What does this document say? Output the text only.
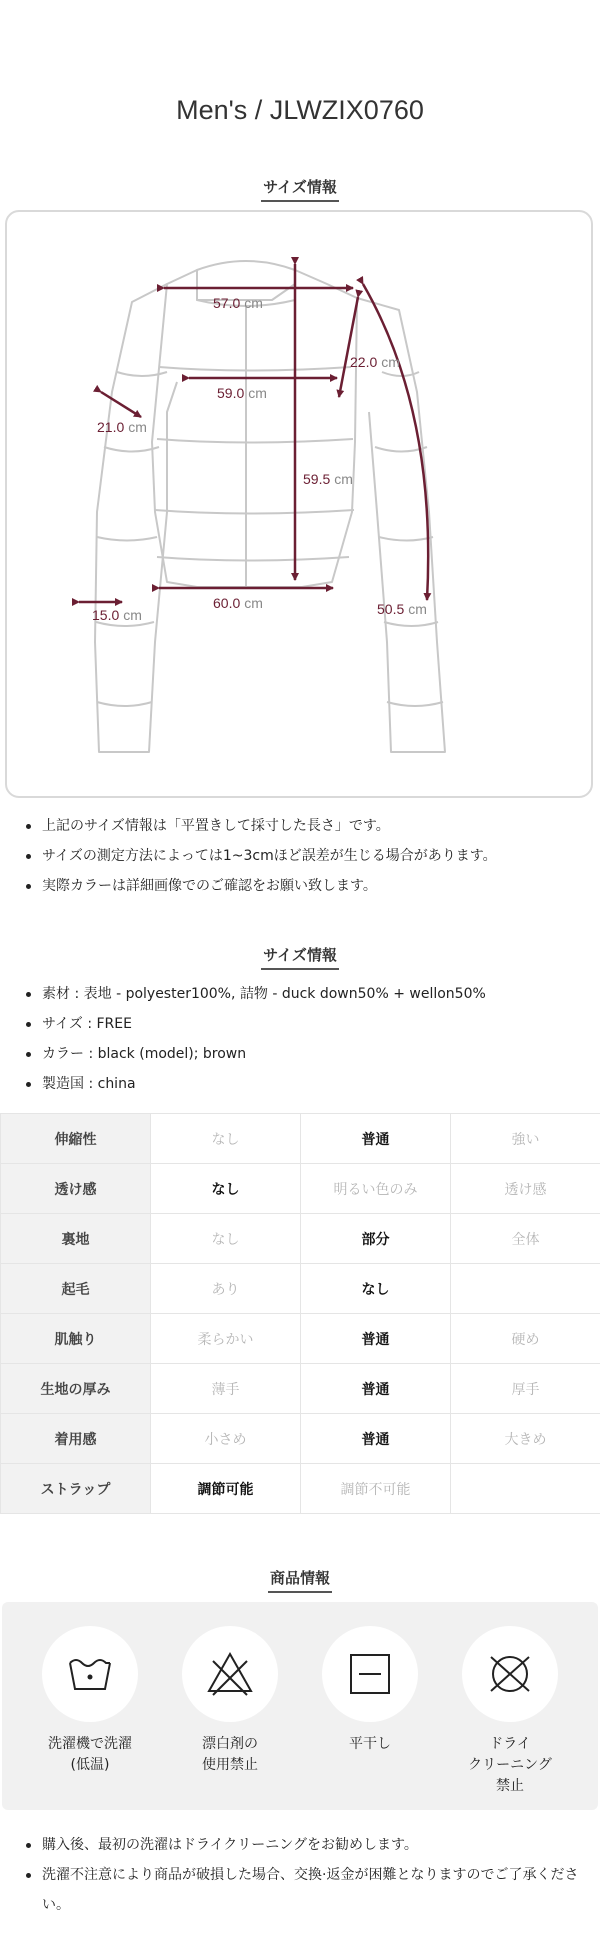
Men's / JLWZIX0760
サイズ情報
57.0 cm
59.0 cm
22.0 cm
21.0 cm
59.5 cm
60.0 cm
15.0 cm	50.5 cm
上記のサイズ情報は「平置きして採寸した長さ」です。
サイズの測定方法によっては1~3cmほど誤差が生じる場合があります。
実際カラーは詳細画像でのご確認をお願い致します。
サイズ情報
素材 : 表地 - polyester100%, 詰物 - duck down50% + wellon50%
サイズ : FREE
カラー : black (model); brown
製造国 : china
伸縮性	なし	普通	強い
透け感	なし	明るい色のみ	透け感
裏地	なし	部分	全体
起毛	あり	なし	
肌触り	柔らかい	普通	硬め
生地の厚み	薄手	普通	厚手
着用感	小さめ	普通	大きめ
ストラップ	調節可能	調節不可能	
商品情報
洗濯機で洗濯
(低温)
漂白剤の
使用禁止
平干し	ドライ
クリーニング
禁止
購入後、最初の洗濯はドライクリーニングをお勧めします。
洗濯不注意により商品が破損した場合、交換·返金が困難となりますのでご了承ください。
